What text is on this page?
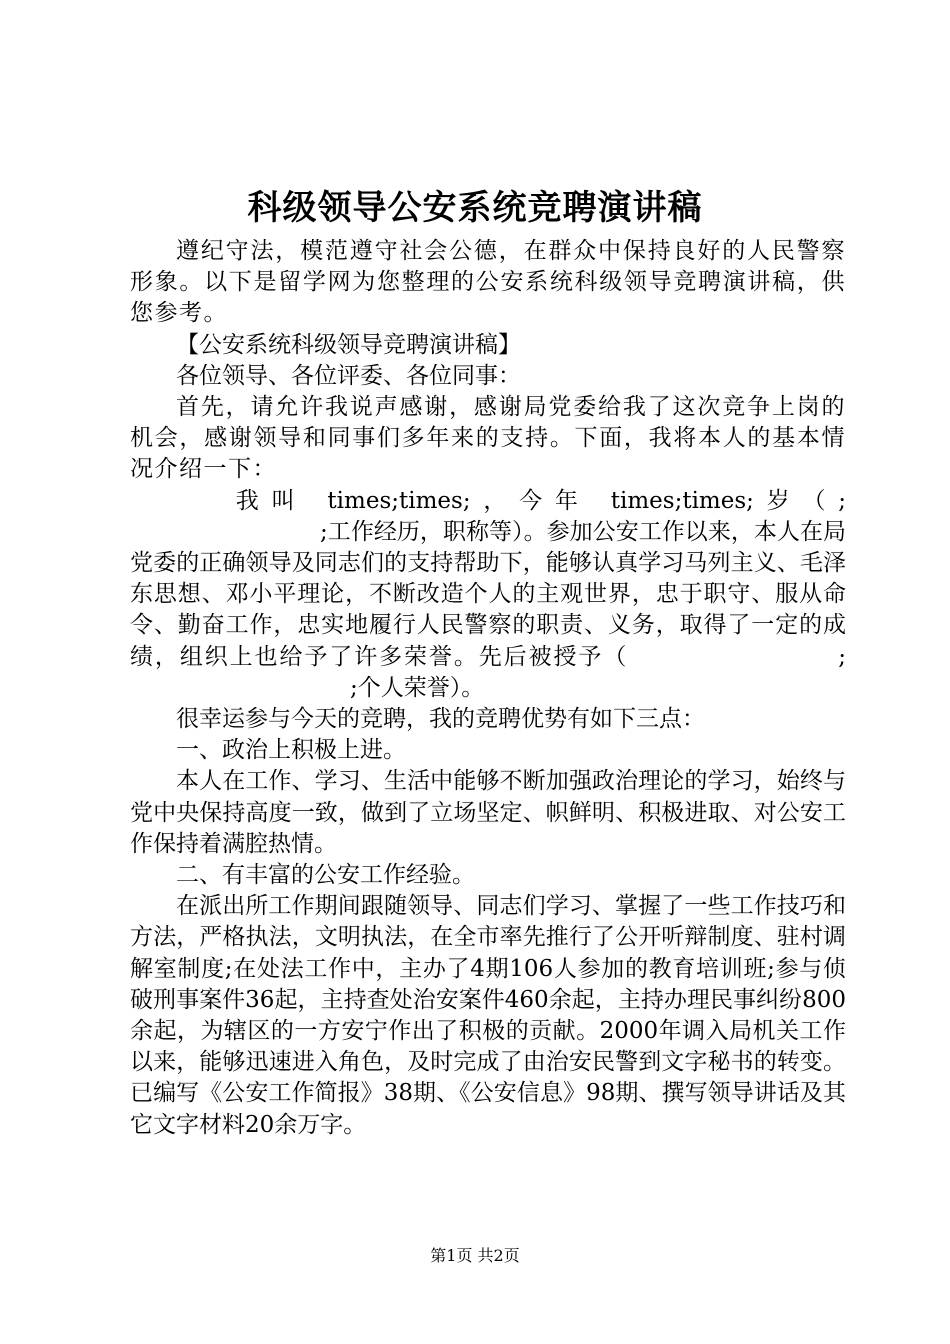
科级领导公安系统竞聘演讲稿

遵纪守法，模范遵守社会公德，在群众中保持良好的人民警察形象。以下是留学网为您整理的公安系统科级领导竞聘演讲稿，供您参考。

【公安系统科级领导竞聘演讲稿】

各位领导、各位评委、各位同事：

首先，请允许我说声感谢，感谢局党委给我了这次竞争上岗的机会，感谢领导和同事们多年来的支持。下面，我将本人的基本情况介绍一下：

我叫 times;times;，今年 times;times;岁（;;工作经历，职称等）。参加公安工作以来，本人在局党委的正确领导及同志们的支持帮助下，能够认真学习马列主义、毛泽东思想、邓小平理论，不断改造个人的主观世界，忠于职守、服从命令、勤奋工作，忠实地履行人民警察的职责、义务，取得了一定的成绩，组织上也给予了许多荣誉。先后被授予（	;;个人荣誉）。

很幸运参与今天的竞聘，我的竞聘优势有如下三点：

一、政治上积极上进。

本人在工作、学习、生活中能够不断加强政治理论的学习，始终与党中央保持高度一致，做到了立场坚定、帜鲜明、积极进取、对公安工作保持着满腔热情。

二、有丰富的公安工作经验。

在派出所工作期间跟随领导、同志们学习、掌握了一些工作技巧和方法，严格执法，文明执法，在全市率先推行了公开听辩制度、驻村调解室制度;在处法工作中，主办了4期106人参加的教育培训班;参与侦破刑事案件36起，主持查处治安案件460余起，主持办理民事纠纷800余起，为辖区的一方安宁作出了积极的贡献。2000年调入局机关工作以来，能够迅速进入角色，及时完成了由治安民警到文字秘书的转变。已编写《公安工作简报》38期、《公安信息》98期、撰写领导讲话及其它文字材料20余万字。

第1页 共2页
